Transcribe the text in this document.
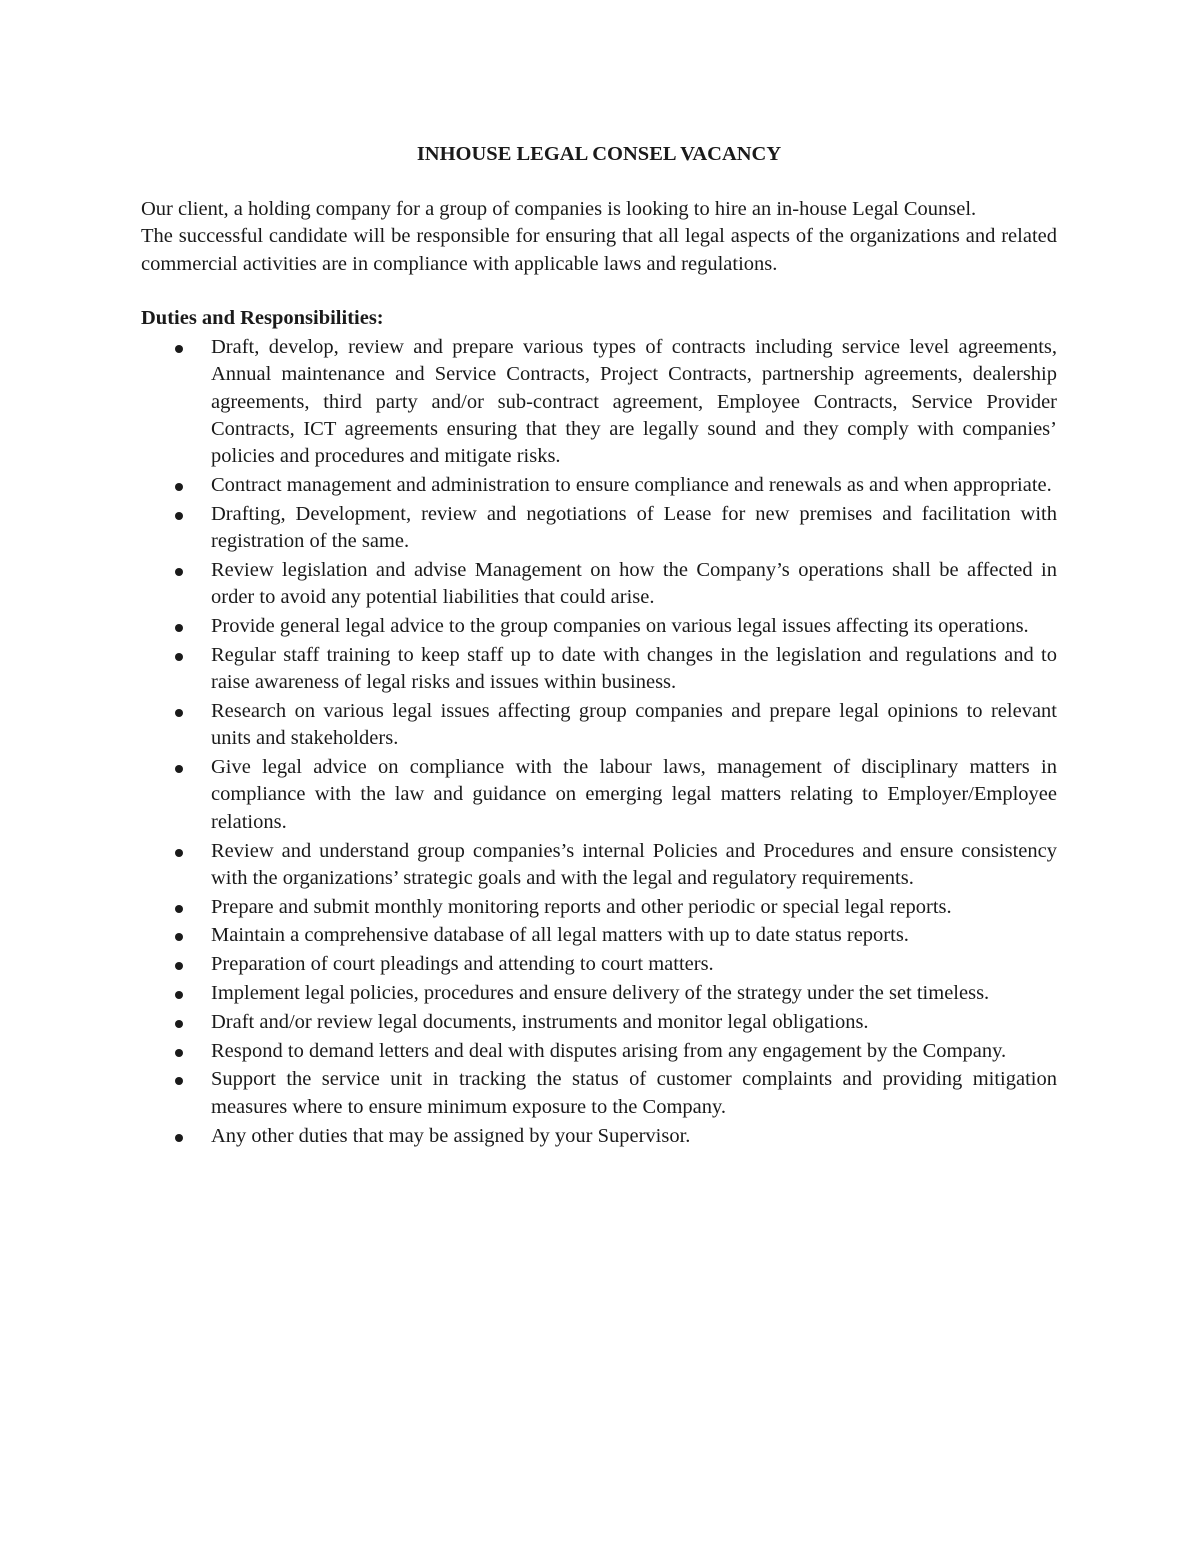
INHOUSE LEGAL CONSEL VACANCY

Our client, a holding company for a group of companies is looking to hire an in-house Legal Counsel.

The successful candidate will be responsible for ensuring that all legal aspects of the organizations and related commercial activities are in compliance with applicable laws and regulations.

Duties and Responsibilities:

Draft, develop, review and prepare various types of contracts including service level agreements, Annual maintenance and Service Contracts, Project Contracts, partnership agreements, dealership agreements, third party and/or sub-contract agreement, Employee Contracts, Service Provider Contracts, ICT agreements ensuring that they are legally sound and they comply with companies’ policies and procedures and mitigate risks.
Contract management and administration to ensure compliance and renewals as and when appropriate.
Drafting, Development, review and negotiations of Lease for new premises and facilitation with registration of the same.
Review legislation and advise Management on how the Company’s operations shall be affected in order to avoid any potential liabilities that could arise.
Provide general legal advice to the group companies on various legal issues affecting its operations.
Regular staff training to keep staff up to date with changes in the legislation and regulations and to raise awareness of legal risks and issues within business.
Research on various legal issues affecting group companies and prepare legal opinions to relevant units and stakeholders.
Give legal advice on compliance with the labour laws, management of disciplinary matters in compliance with the law and guidance on emerging legal matters relating to Employer/Employee relations.
Review and understand group companies’s internal Policies and Procedures and ensure consistency with the organizations’ strategic goals and with the legal and regulatory requirements.
Prepare and submit monthly monitoring reports and other periodic or special legal reports.
Maintain a comprehensive database of all legal matters with up to date status reports.
Preparation of court pleadings and attending to court matters.
Implement legal policies, procedures and ensure delivery of the strategy under the set timeless.
Draft and/or review legal documents, instruments and monitor legal obligations.
Respond to demand letters and deal with disputes arising from any engagement by the Company.
Support the service unit in tracking the status of customer complaints and providing mitigation measures where to ensure minimum exposure to the Company.
Any other duties that may be assigned by your Supervisor.
